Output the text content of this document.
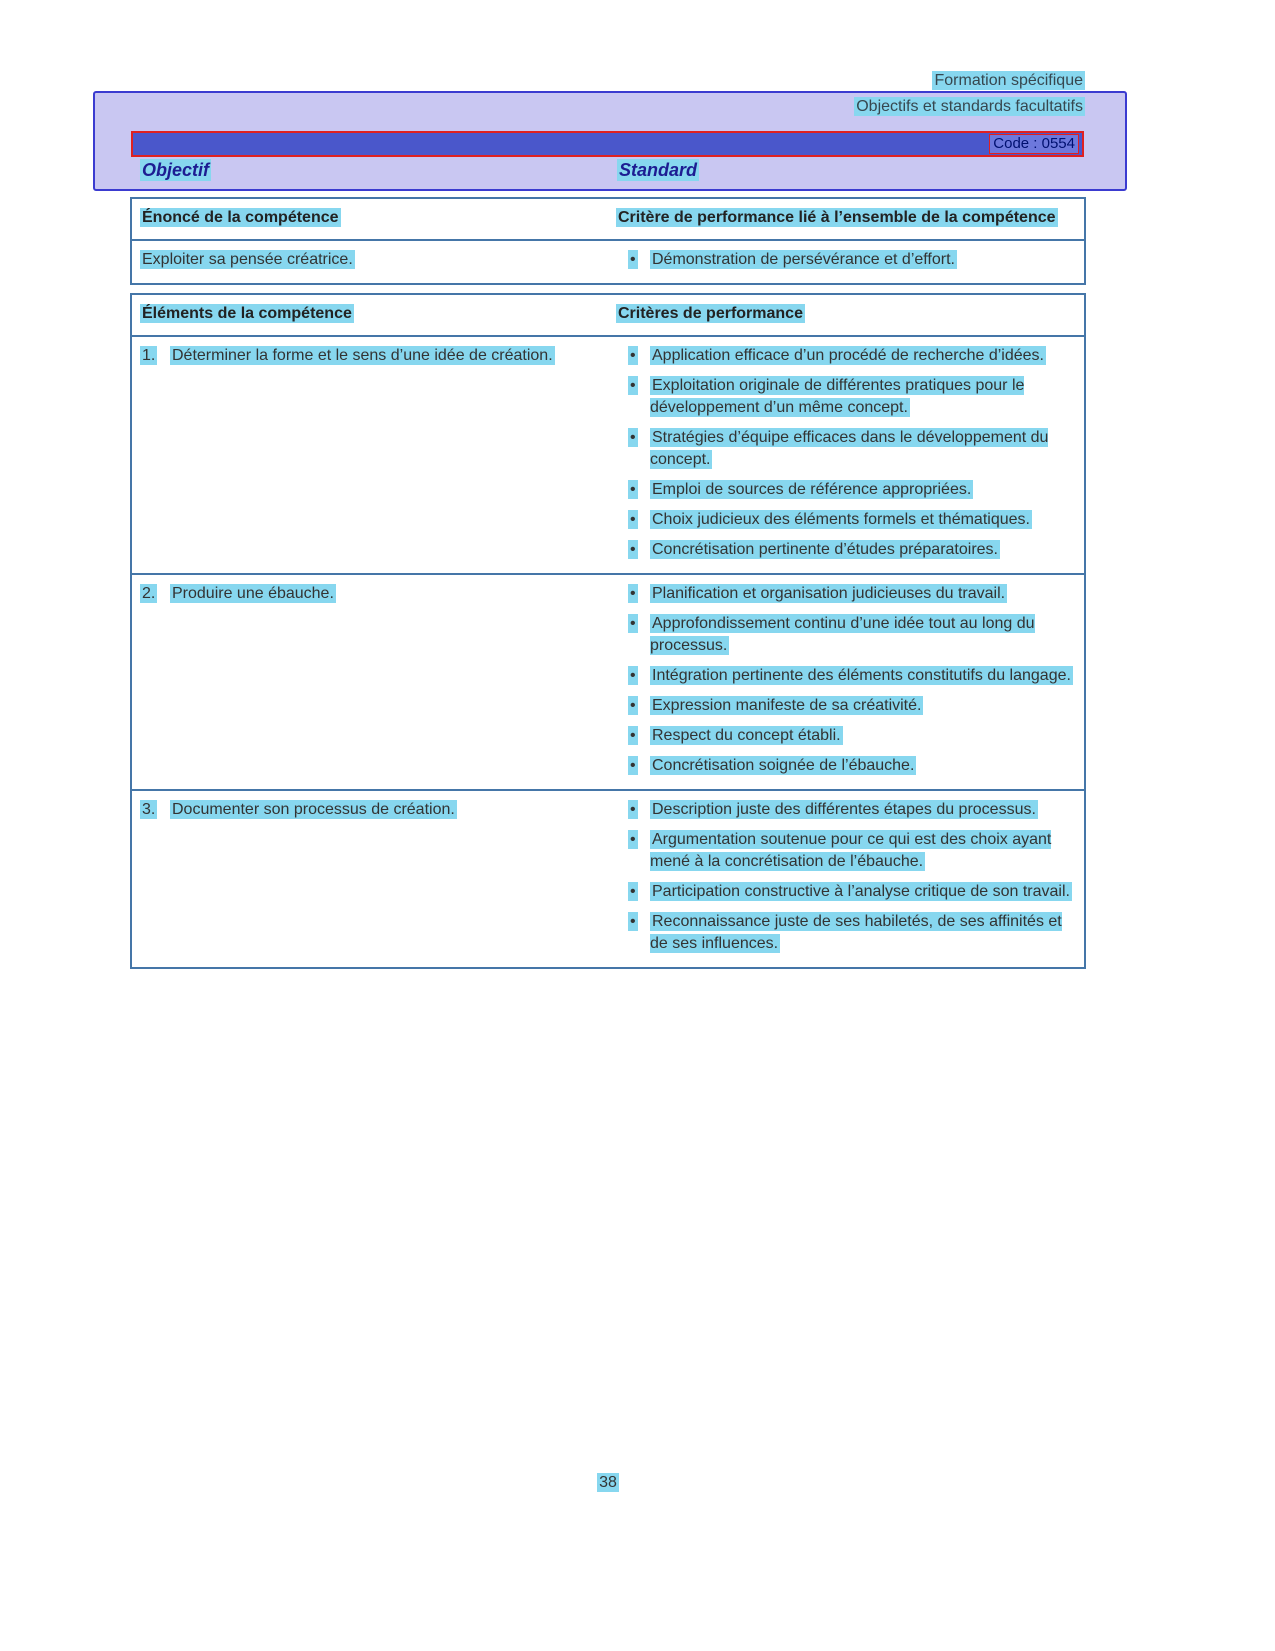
Formation spécifique
Objectifs et standards facultatifs
Code : 0554
Objectif	Standard
Énoncé de la compétence	Critère de performance lié à l’ensemble de la compétence
Exploiter sa pensée créatrice.	•	Démonstration de persévérance et d’effort.
Éléments de la compétence	Critères de performance
1.	Déterminer la forme et le sens d’une idée de création.	•	Application efficace d’un procédé de recherche d’idées.
•	Exploitation originale de différentes pratiques pour le développement d’un même concept.
•	Stratégies d’équipe efficaces dans le développement du concept.
•	Emploi de sources de référence appropriées.
•	Choix judicieux des éléments formels et thématiques.
•	Concrétisation pertinente d’études préparatoires.
2.	Produire une ébauche.	•	Planification et organisation judicieuses du travail.
•	Approfondissement continu d’une idée tout au long du processus.
•	Intégration pertinente des éléments constitutifs du langage.
•	Expression manifeste de sa créativité.
•	Respect du concept établi.
•	Concrétisation soignée de l’ébauche.
3.	Documenter son processus de création.	•	Description juste des différentes étapes du processus.
•	Argumentation soutenue pour ce qui est des choix ayant mené à la concrétisation de l’ébauche.
•	Participation constructive à l’analyse critique de son travail.
•	Reconnaissance juste de ses habiletés, de ses affinités et de ses influences.
38
